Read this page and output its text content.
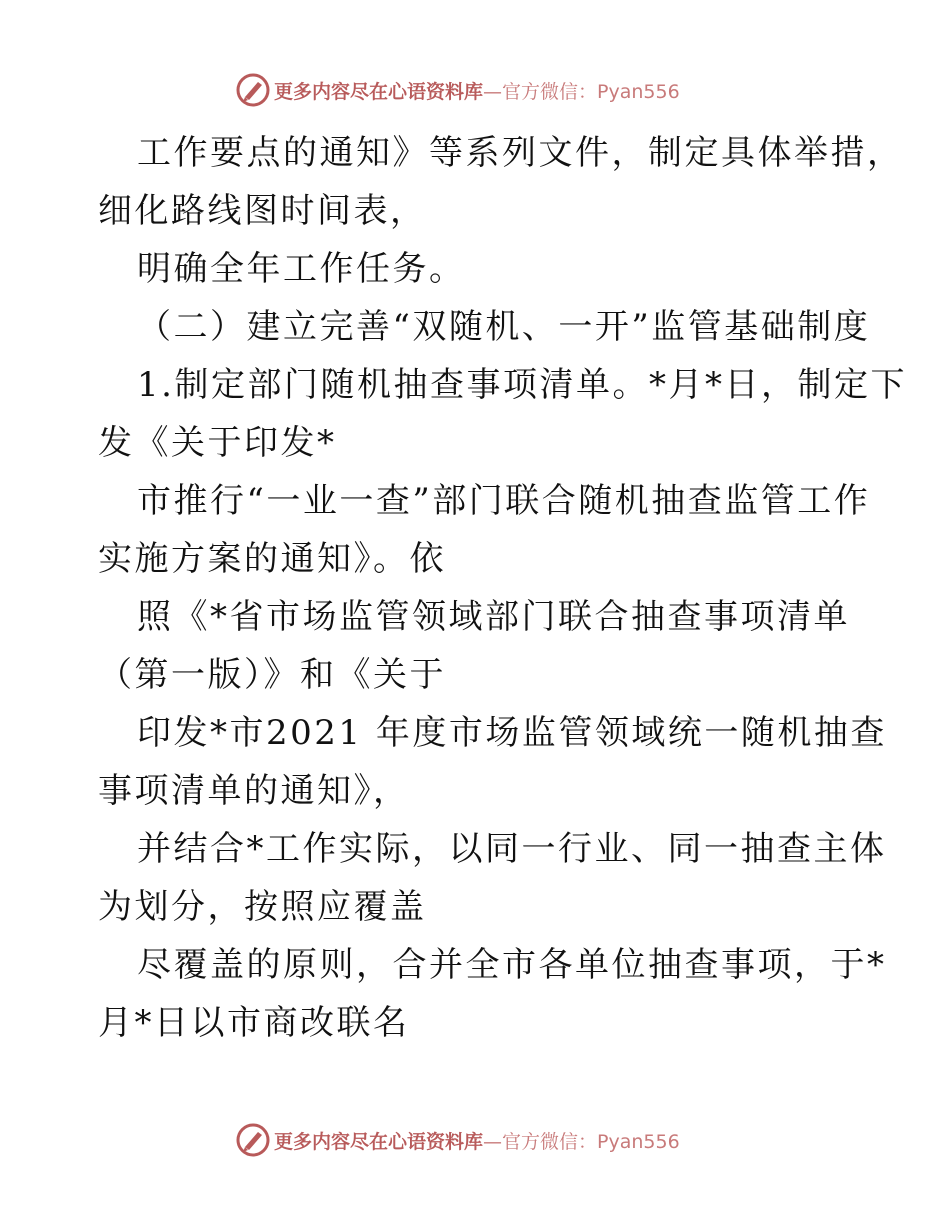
更多内容尽在心语资料库—官方微信：Pyan556
工作要点的通知》等系列文件，制定具体举措，
细化路线图时间表，
明确全年工作任务。
（二）建立完善“双随机、一开”监管基础制度
1.制定部门随机抽查事项清单。*月*日，制定下
发《关于印发*
市推行“一业一查”部门联合随机抽查监管工作
实施方案的通知》。依
照《*省市场监管领域部门联合抽查事项清单
（第一版）》和《关于
印发*市2021 年度市场监管领域统一随机抽查
事项清单的通知》，
并结合*工作实际，以同一行业、同一抽查主体
为划分，按照应覆盖
尽覆盖的原则，合并全市各单位抽查事项，于*
月*日以市商改联名
更多内容尽在心语资料库—官方微信：Pyan556
